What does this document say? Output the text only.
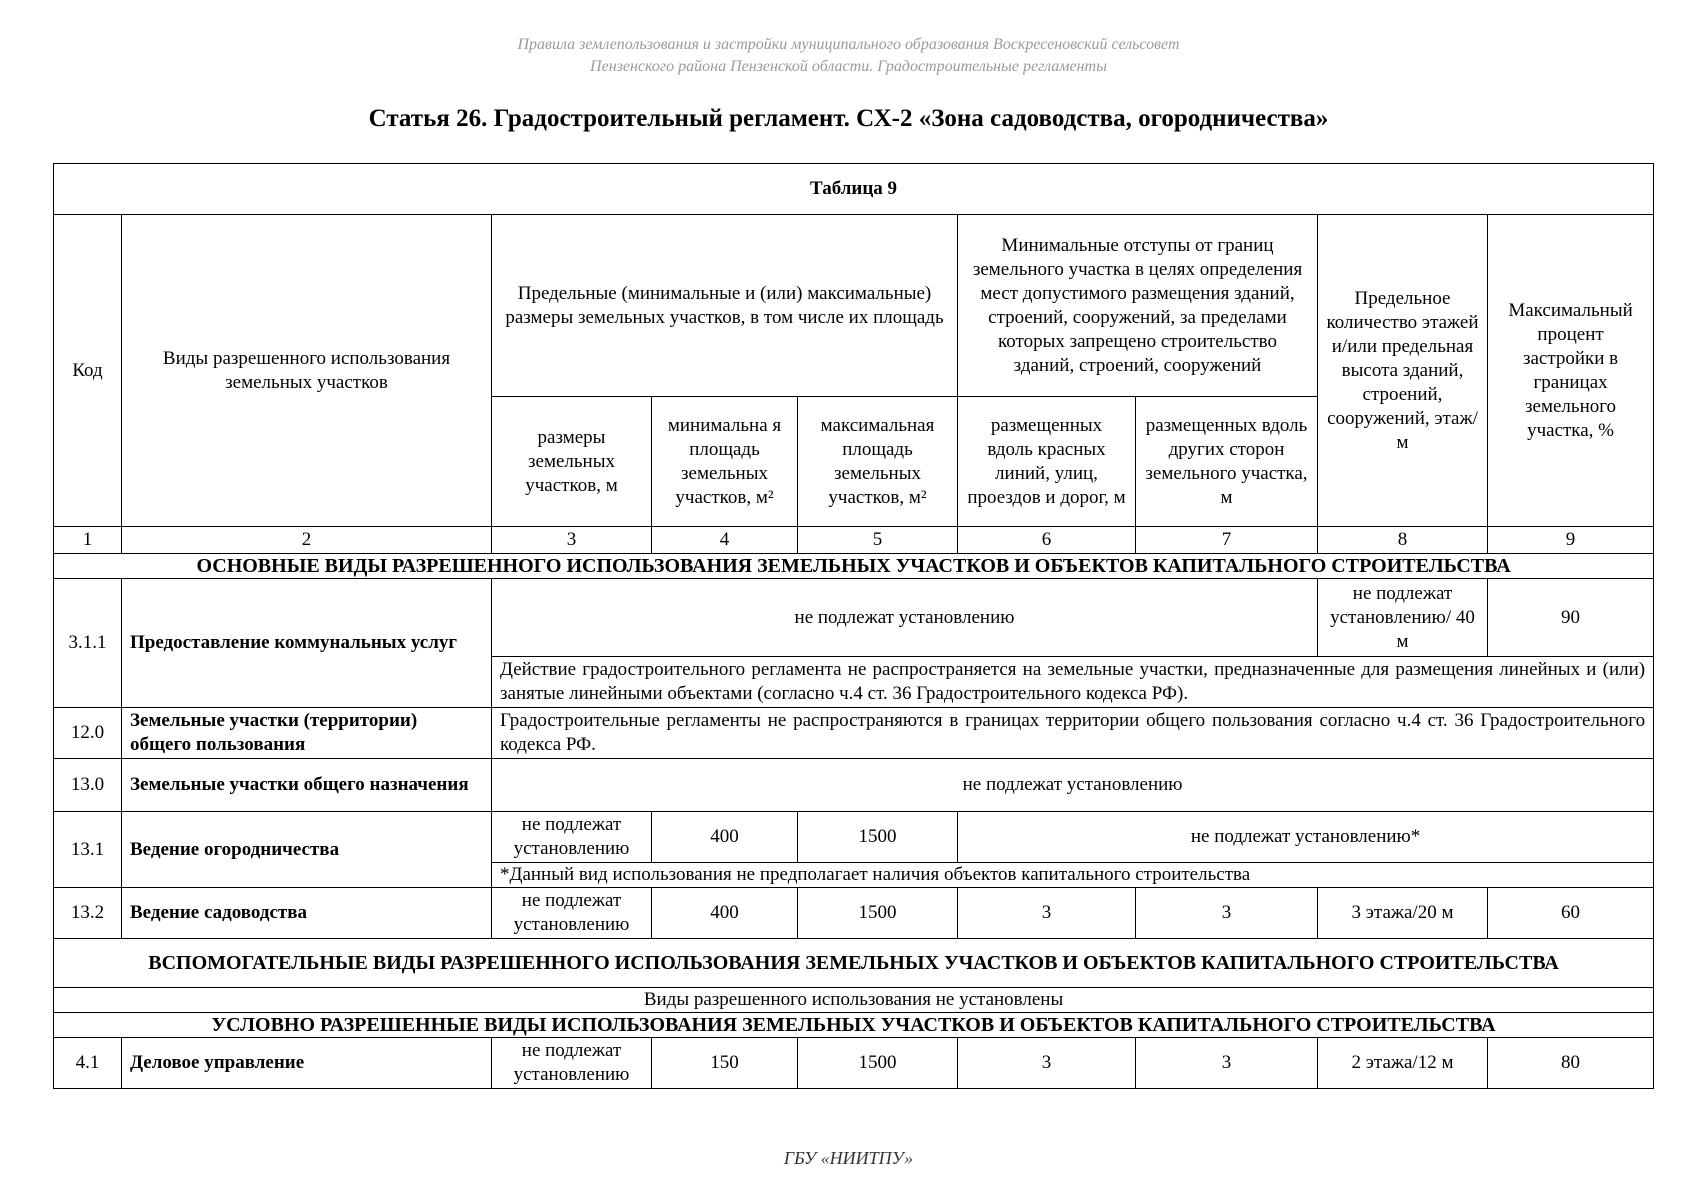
Правила землепользования и застройки муниципального образования Воскресеновский сельсовет
Пензенского района Пензенской области. Градостроительные регламенты
Статья 26. Градостроительный регламент. СХ-2 «Зона садоводства, огородничества»
Таблица 9								
Код	Виды разрешенного использования земельных участков	Предельные (минимальные и (или) максимальные) размеры земельных участков, в том числе их площадь			Минимальные отступы от границ земельного участка в целях определения мест допустимого размещения зданий, строений, сооружений, за пределами которых запрещено строительство зданий, строений, сооружений		Предельное количество этажей и/или предельная высота зданий, строений, сооружений, этаж/м	Максимальный процент застройки в границах земельного участка, %
		размеры земельных участков, м	минимальна я площадь земельных участков, м²	максимальная площадь земельных участков, м²	размещенных вдоль красных линий, улиц, проездов и дорог, м	размещенных вдоль других сторон земельного участка, м		
1	2	3	4	5	6	7	8	9
ОСНОВНЫЕ ВИДЫ РАЗРЕШЕННОГО ИСПОЛЬЗОВАНИЯ ЗЕМЕЛЬНЫХ УЧАСТКОВ И ОБЪЕКТОВ КАПИТАЛЬНОГО СТРОИТЕЛЬСТВА								
3.1.1	Предоставление коммунальных услуг	не подлежат установлению					не подлежат установлению/ 40 м	90
		Действие градостроительного регламента не распространяется на земельные участки, предназначенные для размещения линейных и (или) занятые линейными объектами (согласно ч.4 ст. 36 Градостроительного кодекса РФ).						
12.0	Земельные участки (территории) общего пользования	Градостроительные регламенты не распространяются в границах территории общего пользования согласно ч.4 ст. 36 Градостроительного кодекса РФ.						
13.0	Земельные участки общего назначения	не подлежат установлению						
13.1	Ведение огородничества	не подлежат установлению	400	1500	не подлежат установлению*			
		*Данный вид использования не предполагает наличия объектов капитального строительства						
13.2	Ведение садоводства	не подлежат установлению	400	1500	3	3	3 этажа/20 м	60
ВСПОМОГАТЕЛЬНЫЕ ВИДЫ РАЗРЕШЕННОГО ИСПОЛЬЗОВАНИЯ ЗЕМЕЛЬНЫХ УЧАСТКОВ И ОБЪЕКТОВ КАПИТАЛЬНОГО СТРОИТЕЛЬСТВА								
Виды разрешенного использования не установлены								
УСЛОВНО РАЗРЕШЕННЫЕ ВИДЫ ИСПОЛЬЗОВАНИЯ ЗЕМЕЛЬНЫХ УЧАСТКОВ И ОБЪЕКТОВ КАПИТАЛЬНОГО СТРОИТЕЛЬСТВА								
4.1	Деловое управление	не подлежат установлению	150	1500	3	3	2 этажа/12 м	80
ГБУ «НИИТПУ»
